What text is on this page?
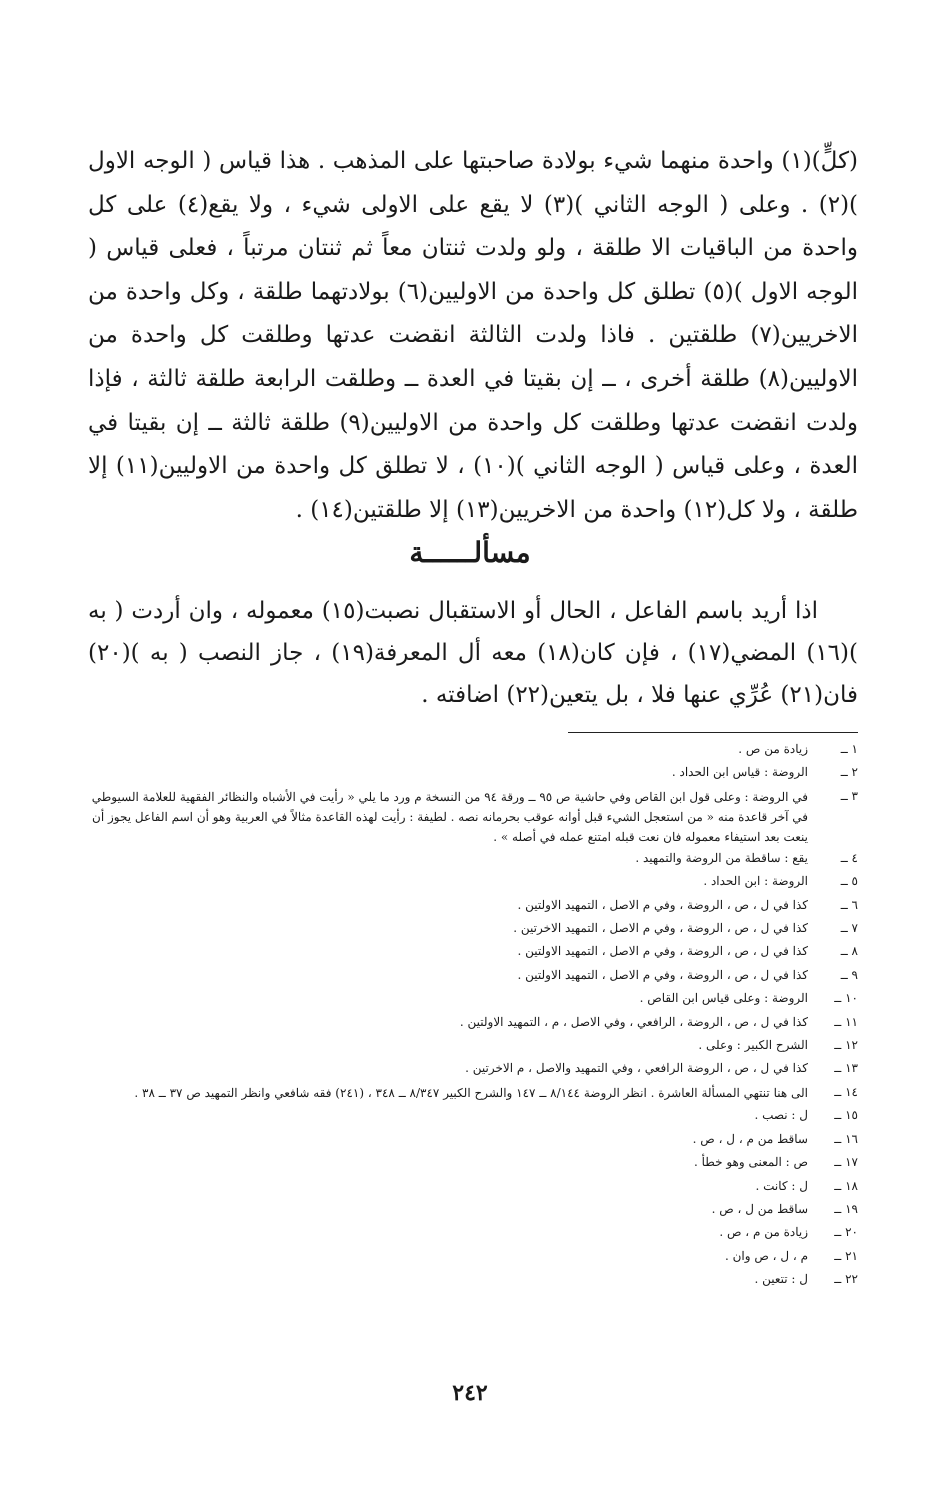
(كلٍّ)(١) واحدة منهما شيء بولادة صاحبتها على المذهب . هذا قياس ( الوجه الاول )(٢) . وعلى ( الوجه الثاني )(٣) لا يقع على الاولى شيء ، ولا يقع(٤) على كل واحدة من الباقيات الا طلقة ، ولو ولدت ثنتان معاً ثم ثنتان مرتباً ، فعلى قياس ( الوجه الاول )(٥) تطلق كل واحدة من الاوليين(٦) بولادتهما طلقة ، وكل واحدة من الاخريين(٧) طلقتين . فاذا ولدت الثالثة انقضت عدتها وطلقت كل واحدة من الاوليين(٨) طلقة أخرى ، ــ إن بقيتا في العدة ــ وطلقت الرابعة طلقة ثالثة ، فإذا ولدت انقضت عدتها وطلقت كل واحدة من الاوليين(٩) طلقة ثالثة ــ إن بقيتا في العدة ، وعلى قياس ( الوجه الثاني )(١٠) ، لا تطلق كل واحدة من الاوليين(١١) إلا طلقة ، ولا كل(١٢) واحدة من الاخريين(١٣) إلا طلقتين(١٤) .

مسألــــــة

اذا أريد باسم الفاعل ، الحال أو الاستقبال نصبت(١٥) معموله ، وان أردت ( به )(١٦) المضي(١٧) ، فإن كان(١٨) معه أل المعرفة(١٩) ، جاز النصب ( به )(٢٠) فان(٢١) عُرِّي عنها فلا ، بل يتعين(٢٢) اضافته .

١ ــ
زيادة من ص .
٢ ــ
الروضة : قياس ابن الحداد .
٣ ــ
في الروضة : وعلى قول ابن القاص وفي حاشية ص ٩٥ ــ ورقة ٩٤ من النسخة م ورد ما يلي « رأيت في الأشباه والنظائر الفقهية للعلامة السيوطي في آخر قاعدة منه « من استعجل الشيء قبل أوانه عوقب بحرمانه نصه . لطيفة : رأيت لهذه القاعدة مثالاً في العربية وهو أن اسم الفاعل يجوز أن ينعت بعد استيفاء معموله فان نعت قبله امتنع عمله في أصله » .
٤ ــ
يقع : ساقطة من الروضة والتمهيد .
٥ ــ
الروضة : ابن الحداد .
٦ ــ
كذا في ل ، ص ، الروضة ، وفي م الاصل ، التمهيد الاولتين .
٧ ــ
كذا في ل ، ص ، الروضة ، وفي م الاصل ، التمهيد الاخرتين .
٨ ــ
كذا في ل ، ص ، الروضة ، وفي م الاصل ، التمهيد الاولتين .
٩ ــ
كذا في ل ، ص ، الروضة ، وفي م الاصل ، التمهيد الاولتين .
١٠ ــ
الروضة : وعلى قياس ابن القاص .
١١ ــ
كذا في ل ، ص ، الروضة ، الرافعي ، وفي الاصل ، م ، التمهيد الاولتين .
١٢ ــ
الشرح الكبير : وعلى .
١٣ ــ
كذا في ل ، ص ، الروضة الرافعي ، وفي التمهيد والاصل ، م الاخرتين .
١٤ ــ
الى هنا تنتهي المسألة العاشرة . انظر الروضة ٨/١٤٤ ــ ١٤٧ والشرح الكبير ٨/٣٤٧ ــ ٣٤٨ ، (٢٤١) فقه شافعي وانظر التمهيد ص ٣٧ ــ ٣٨ .
١٥ ــ
ل : نصب .
١٦ ــ
ساقط من م ، ل ، ص .
١٧ ــ
ص : المعنى وهو خطأ .
١٨ ــ
ل : كانت .
١٩ ــ
ساقط من ل ، ص .
٢٠ ــ
زيادة من م ، ص .
٢١ ــ
م ، ل ، ص وان .
٢٢ ــ
ل : تتعين .
٢٤٢
